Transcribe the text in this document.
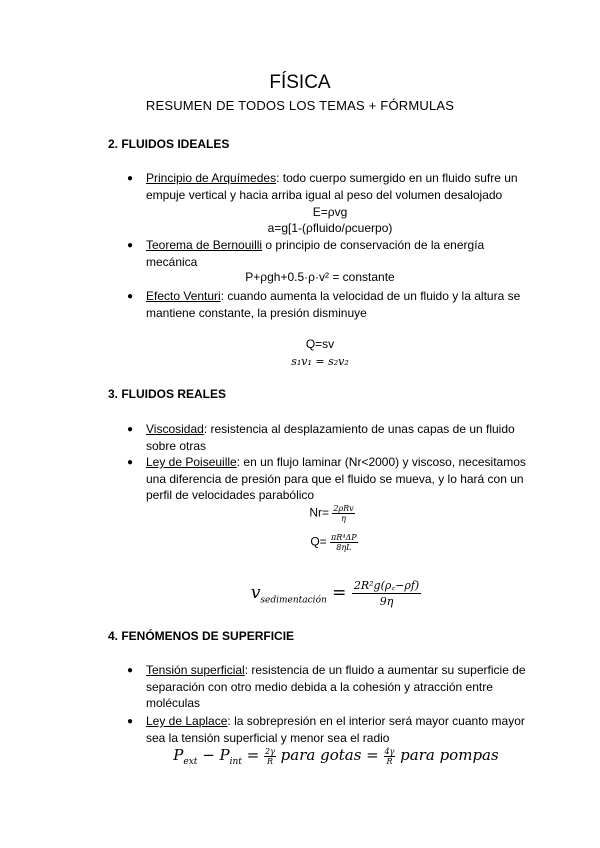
FÍSICA
RESUMEN DE TODOS LOS TEMAS + FÓRMULAS
2. FLUIDOS IDEALES
●	Principio de Arquímedes: todo cuerpo sumergido en un fluido sufre un empuje vertical y hacia arriba igual al peso del volumen desalojado
E=ρvg
a=g[1-(ρfluido/ρcuerpo)
●	Teorema de Bernouilli o principio de conservación de la energía mecánica
P+ρgh+0.5·ρ·v² = constante
●	Efecto Venturi: cuando aumenta la velocidad de un fluido y la altura se mantiene constante, la presión disminuye
Q=sv
s₁v₁ = s₂v₂
3. FLUIDOS REALES
●	Viscosidad: resistencia al desplazamiento de unas capas de un fluido sobre otras
●	Ley de Poiseuille: en un flujo laminar (Nr<2000) y viscoso, necesitamos una diferencia de presión para que el fluido se mueva, y lo hará con un perfil de velocidades parabólico
$Nr= \frac{\text{2ρRv}}{\eta}$
$Q= \frac{\text{πR⁴ΔP}}{8\eta L}$
$v_{sedimentación} = \frac{\text{2R²g(ρ꜀−ρf)}}{9\eta}$
4. FENÓMENOS DE SUPERFICIE
●	Tensión superficial: resistencia de un fluido a aumentar su superficie de separación con otro medio debida a la cohesión y atracción entre moléculas
●	Ley de Laplace: la sobrepresión en el interior será mayor cuanto mayor sea la tensión superficial y menor sea el radio
$P_{ext} - P_{int} = \frac{2\gamma}{R}$ para gotas = $\frac{4\gamma}{R}$ para pompas
